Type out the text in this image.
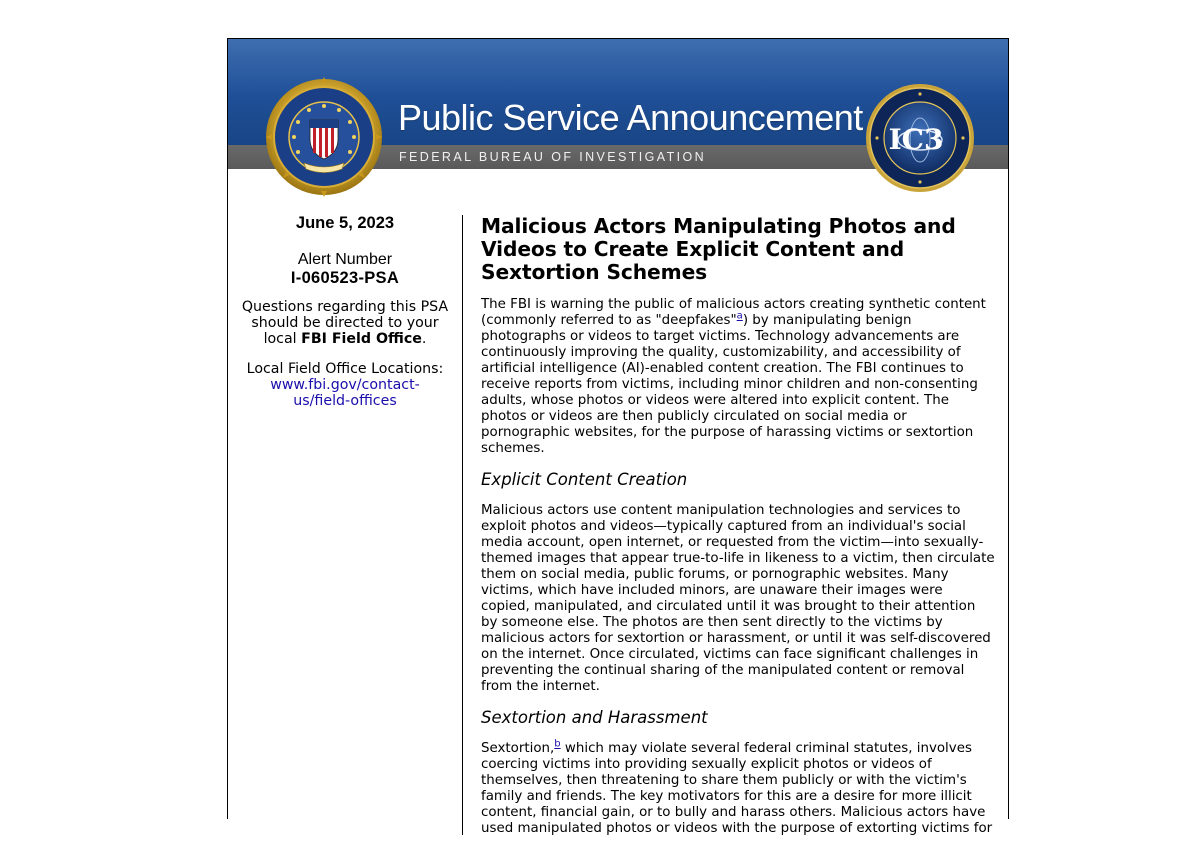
Public Service Announcement
FEDERAL BUREAU OF INVESTIGATION
IC3
June 5, 2023
Alert Number
I-060523-PSA
Questions regarding this PSA should be directed to your local FBI Field Office.
Local Field Office Locations:
www.fbi.gov/contact-us/field-offices
Malicious Actors Manipulating Photos and Videos to Create Explicit Content and Sextortion Schemes
The FBI is warning the public of malicious actors creating synthetic content (commonly referred to as "deepfakes"$^a$) by manipulating benign photographs or videos to target victims. Technology advancements are continuously improving the quality, customizability, and accessibility of artificial intelligence (AI)-enabled content creation. The FBI continues to receive reports from victims, including minor children and non-consenting adults, whose photos or videos were altered into explicit content. The photos or videos are then publicly circulated on social media or pornographic websites, for the purpose of harassing victims or sextortion schemes.
Explicit Content Creation
Malicious actors use content manipulation technologies and services to exploit photos and videos—typically captured from an individual's social media account, open internet, or requested from the victim—into sexually-themed images that appear true-to-life in likeness to a victim, then circulate them on social media, public forums, or pornographic websites. Many victims, which have included minors, are unaware their images were copied, manipulated, and circulated until it was brought to their attention by someone else. The photos are then sent directly to the victims by malicious actors for sextortion or harassment, or until it was self-discovered on the internet. Once circulated, victims can face significant challenges in preventing the continual sharing of the manipulated content or removal from the internet.
Sextortion and Harassment
Sextortion,$^b$ which may violate several federal criminal statutes, involves coercing victims into providing sexually explicit photos or videos of themselves, then threatening to share them publicly or with the victim's family and friends. The key motivators for this are a desire for more illicit content, financial gain, or to bully and harass others. Malicious actors have used manipulated photos or videos with the purpose of extorting victims for
